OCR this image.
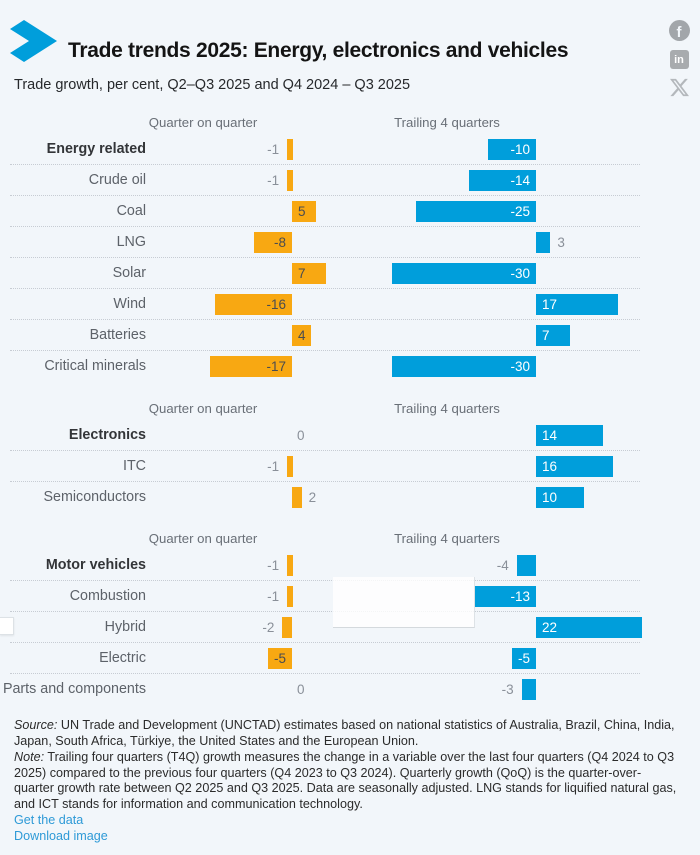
Trade trends 2025: Energy, electronics and vehicles
Trade growth, per cent, Q2–Q3 2025 and Q4 2024 – Q3 2025
f
in
Quarter on quarter	Trailing 4 quarters
Energy related	-1	-10
Crude oil	-1	-14
Coal	5	-25
LNG	-8	3
Solar	7	-30
Wind	-16	17
Batteries	4	7
Critical minerals	-17	-30
Quarter on quarter	Trailing 4 quarters
Electronics	0	14
ITC	-1	16
Semiconductors	2	10
Quarter on quarter	Trailing 4 quarters
Motor vehicles	-1	-4
Combustion	-1	-13
Hybrid	-2	22
Electric	-5	-5
Parts and components	0	-3

Source: UN Trade and Development (UNCTAD) estimates based on national statistics of Australia, Brazil, China, India, Japan, South Africa, Türkiye, the United States and the European Union.

Note: Trailing four quarters (T4Q) growth measures the change in a variable over the last four quarters (Q4 2024 to Q3 2025) compared to the previous four quarters (Q4 2023 to Q3 2024). Quarterly growth (QoQ) is the quarter-over-quarter growth rate between Q2 2025 and Q3 2025. Data are seasonally adjusted. LNG stands for liquified natural gas, and ICT stands for information and communication technology.

Get the data
Download image
